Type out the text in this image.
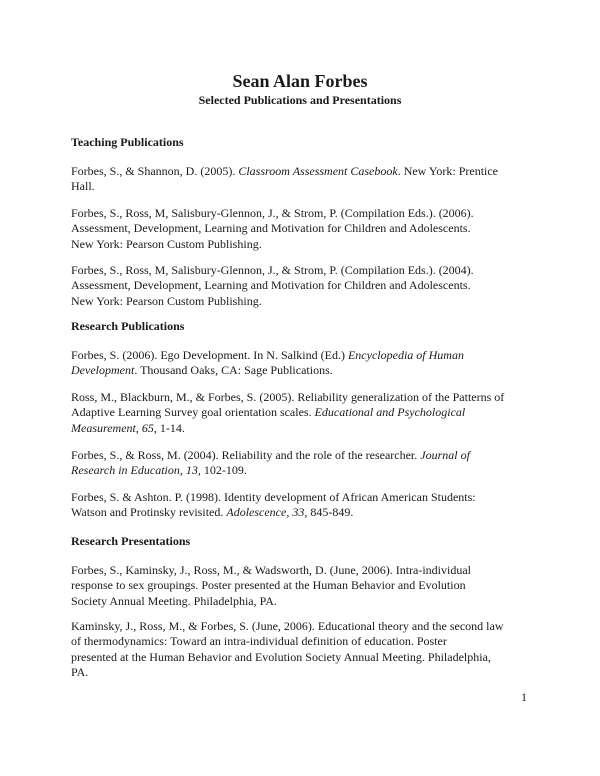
Sean Alan Forbes
Selected Publications and Presentations
Teaching Publications
Forbes, S., & Shannon, D. (2005). Classroom Assessment Casebook. New York: Prentice
Hall.
Forbes, S., Ross, M, Salisbury-Glennon, J., & Strom, P. (Compilation Eds.). (2006).
Assessment, Development, Learning and Motivation for Children and Adolescents.
New York: Pearson Custom Publishing.
Forbes, S., Ross, M, Salisbury-Glennon, J., & Strom, P. (Compilation Eds.). (2004).
Assessment, Development, Learning and Motivation for Children and Adolescents.
New York: Pearson Custom Publishing.
Research Publications
Forbes, S. (2006). Ego Development. In N. Salkind (Ed.) Encyclopedia of Human
Development. Thousand Oaks, CA: Sage Publications.
Ross, M., Blackburn, M., & Forbes, S. (2005). Reliability generalization of the Patterns of
Adaptive Learning Survey goal orientation scales. Educational and Psychological
Measurement, 65, 1-14.
Forbes, S., & Ross, M. (2004). Reliability and the role of the researcher. Journal of
Research in Education, 13, 102-109.
Forbes, S. & Ashton. P. (1998). Identity development of African American Students:
Watson and Protinsky revisited. Adolescence, 33, 845-849.
Research Presentations
Forbes, S., Kaminsky, J., Ross, M., & Wadsworth, D. (June, 2006). Intra-individual
response to sex groupings. Poster presented at the Human Behavior and Evolution
Society Annual Meeting. Philadelphia, PA.
Kaminsky, J., Ross, M., & Forbes, S. (June, 2006). Educational theory and the second law
of thermodynamics: Toward an intra-individual definition of education. Poster
presented at the Human Behavior and Evolution Society Annual Meeting. Philadelphia,
PA.
1
